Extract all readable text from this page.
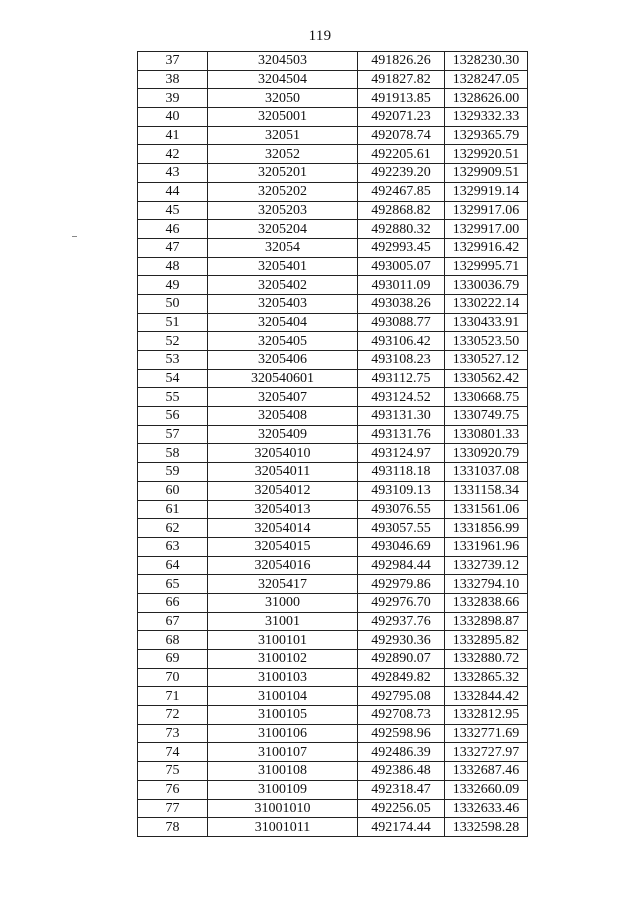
119
37	3204503	491826.26	1328230.30
38	3204504	491827.82	1328247.05
39	32050	491913.85	1328626.00
40	3205001	492071.23	1329332.33
41	32051	492078.74	1329365.79
42	32052	492205.61	1329920.51
43	3205201	492239.20	1329909.51
44	3205202	492467.85	1329919.14
45	3205203	492868.82	1329917.06
46	3205204	492880.32	1329917.00
47	32054	492993.45	1329916.42
48	3205401	493005.07	1329995.71
49	3205402	493011.09	1330036.79
50	3205403	493038.26	1330222.14
51	3205404	493088.77	1330433.91
52	3205405	493106.42	1330523.50
53	3205406	493108.23	1330527.12
54	320540601	493112.75	1330562.42
55	3205407	493124.52	1330668.75
56	3205408	493131.30	1330749.75
57	3205409	493131.76	1330801.33
58	32054010	493124.97	1330920.79
59	32054011	493118.18	1331037.08
60	32054012	493109.13	1331158.34
61	32054013	493076.55	1331561.06
62	32054014	493057.55	1331856.99
63	32054015	493046.69	1331961.96
64	32054016	492984.44	1332739.12
65	3205417	492979.86	1332794.10
66	31000	492976.70	1332838.66
67	31001	492937.76	1332898.87
68	3100101	492930.36	1332895.82
69	3100102	492890.07	1332880.72
70	3100103	492849.82	1332865.32
71	3100104	492795.08	1332844.42
72	3100105	492708.73	1332812.95
73	3100106	492598.96	1332771.69
74	3100107	492486.39	1332727.97
75	3100108	492386.48	1332687.46
76	3100109	492318.47	1332660.09
77	31001010	492256.05	1332633.46
78	31001011	492174.44	1332598.28
